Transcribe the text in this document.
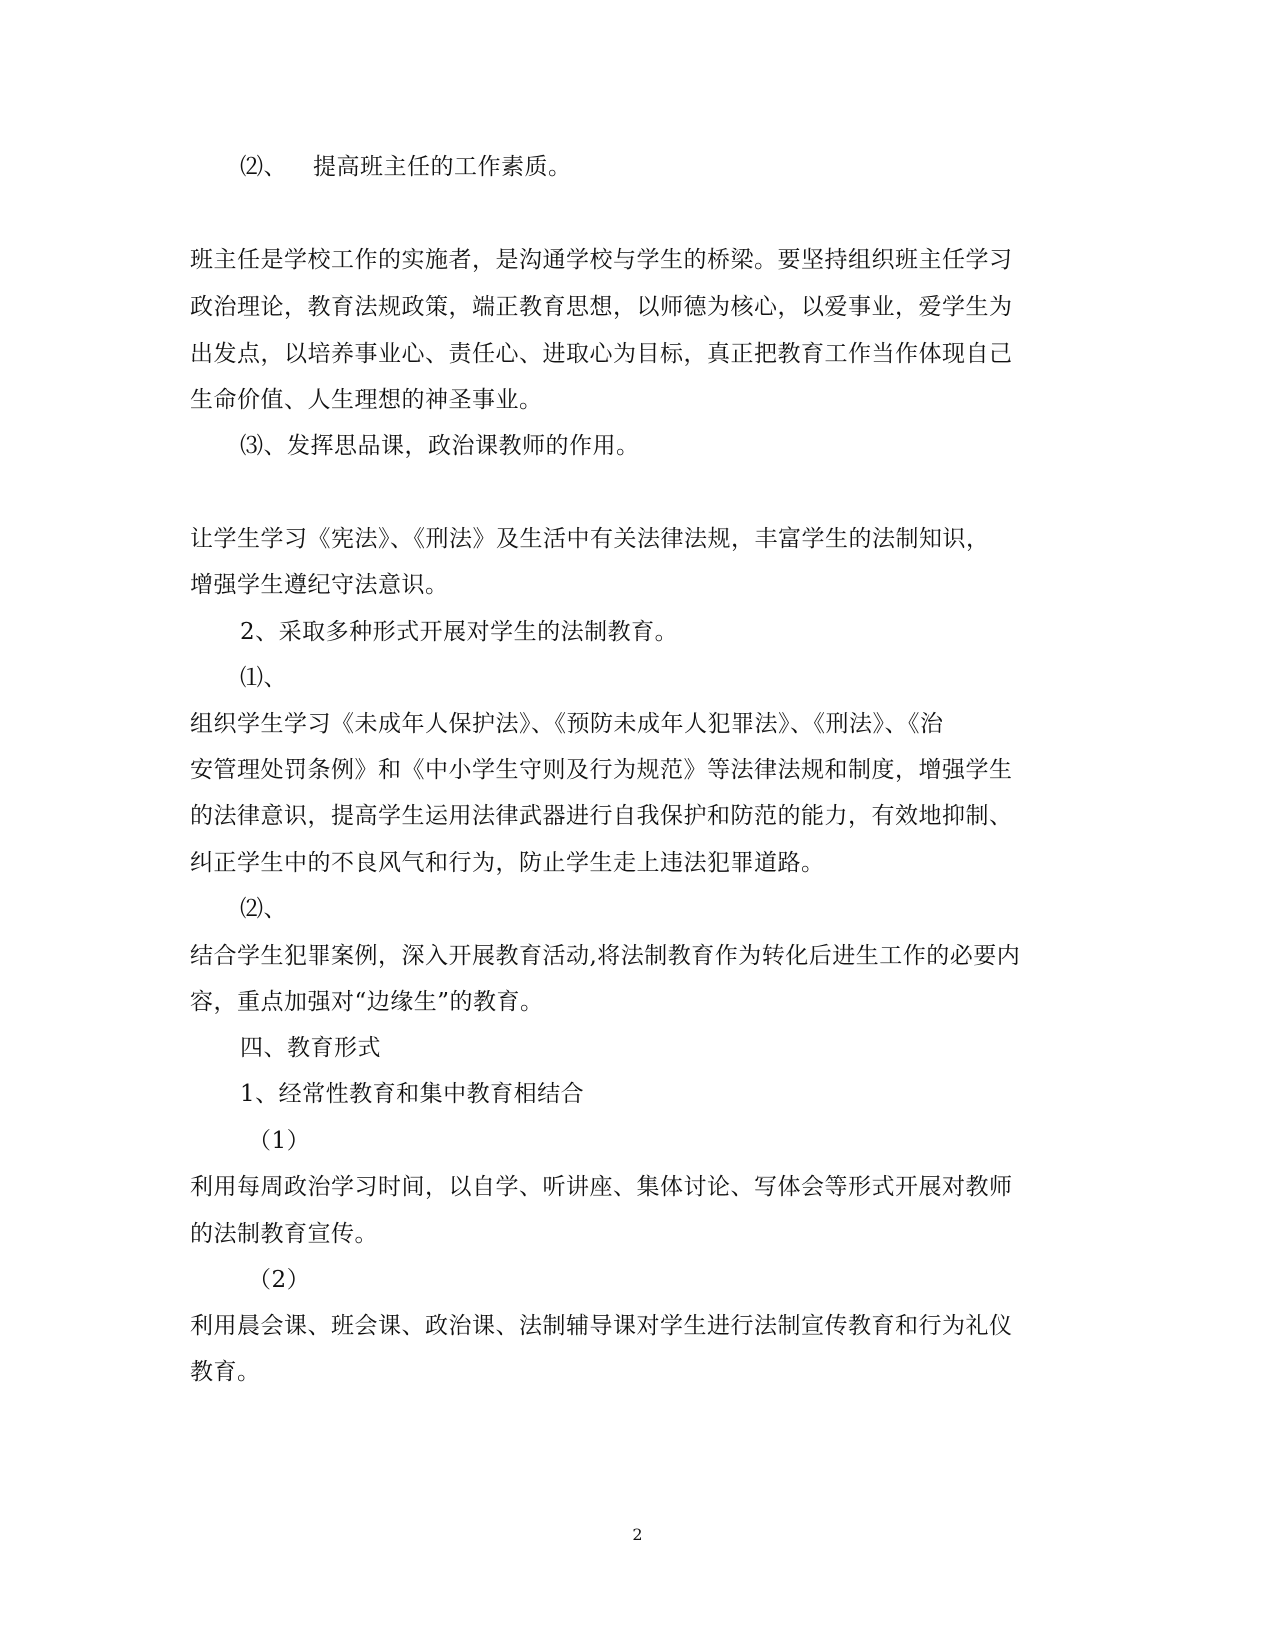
⑵、 提高班主任的工作素质。
班主任是学校工作的实施者，是沟通学校与学生的桥梁。要坚持组织班主任学习
政治理论，教育法规政策，端正教育思想，以师德为核心，以爱事业，爱学生为
出发点，以培养事业心、责任心、进取心为目标，真正把教育工作当作体现自己
生命价值、人生理想的神圣事业。
⑶、发挥思品课，政治课教师的作用。
让学生学习《宪法》、《刑法》及生活中有关法律法规，丰富学生的法制知识，
增强学生遵纪守法意识。
2、采取多种形式开展对学生的法制教育。
⑴、
组织学生学习《未成年人保护法》、《预防未成年人犯罪法》、《刑法》、《治
安管理处罚条例》和《中小学生守则及行为规范》等法律法规和制度，增强学生
的法律意识，提高学生运用法律武器进行自我保护和防范的能力，有效地抑制、
纠正学生中的不良风气和行为，防止学生走上违法犯罪道路。
⑵、
结合学生犯罪案例，深入开展教育活动,将法制教育作为转化后进生工作的必要内
容，重点加强对“边缘生”的教育。
四、教育形式
1、经常性教育和集中教育相结合
（1）
利用每周政治学习时间，以自学、听讲座、集体讨论、写体会等形式开展对教师
的法制教育宣传。
（2）
利用晨会课、班会课、政治课、法制辅导课对学生进行法制宣传教育和行为礼仪
教育。
2
